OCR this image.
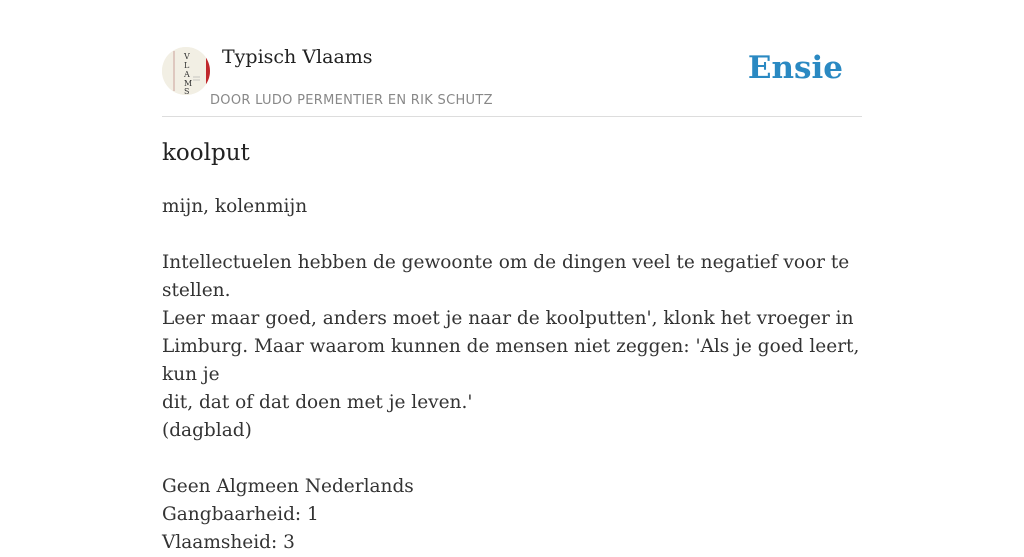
V
L
A
M
S
Typisch Vlaams
DOOR LUDO PERMENTIER EN RIK SCHUTZ
Ensie
koolput

mijn, kolenmijn

Intellectuelen hebben de gewoonte om de dingen veel te negatief voor te stellen.

Leer maar goed, anders moet je naar de koolputten', klonk het vroeger in

Limburg. Maar waarom kunnen de mensen niet zeggen: 'Als je goed leert, kun je

dit, dat of dat doen met je leven.'

(dagblad)

Geen Algmeen Nederlands

Gangbaarheid: 1

Vlaamsheid: 3
